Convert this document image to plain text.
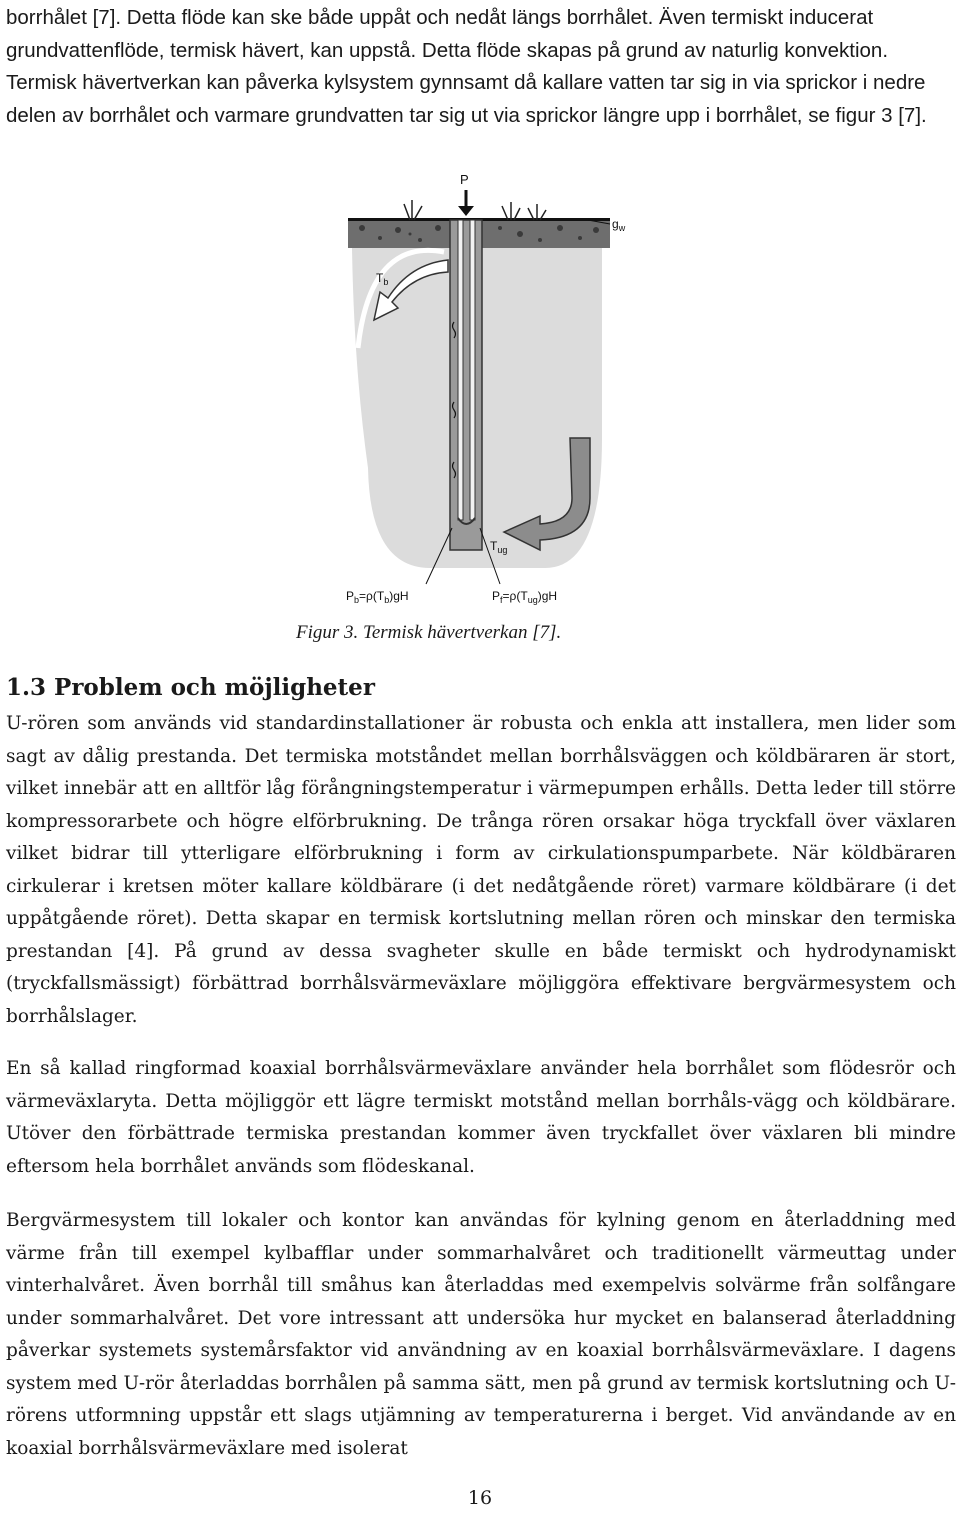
borrhålet [7]. Detta flöde kan ske både uppåt och nedåt längs borrhålet. Även termiskt inducerat grundvattenflöde, termisk hävert, kan uppstå. Detta flöde skapas på grund av naturlig konvektion. Termisk hävertverkan kan påverka kylsystem gynnsamt då kallare vatten tar sig in via sprickor i nedre delen av borrhålet och varmare grundvatten tar sig ut via sprickor längre upp i borrhålet, se figur 3 [7].

P
$g_w$
$T_b$
$T_{ug}$
$P_b=\rho(T_b)gH$	$P_f=\rho(T_{ug})gH$

Figur 3. Termisk hävertverkan [7].

1.3 Problem och möjligheter

U-rören som används vid standardinstallationer är robusta och enkla att installera, men lider som sagt av dålig prestanda. Det termiska motståndet mellan borrhålsväggen och köldbäraren är stort, vilket innebär att en alltför låg förångningstemperatur i värmepumpen erhålls. Detta leder till större kompressorarbete och högre elförbrukning. De trånga rören orsakar höga tryckfall över växlaren vilket bidrar till ytterligare elförbrukning i form av cirkulationspumparbete. När köldbäraren cirkulerar i kretsen möter kallare köldbärare (i det nedåtgående röret) varmare köldbärare (i det uppåtgående röret). Detta skapar en termisk kortslutning mellan rören och minskar den termiska prestandan [4]. På grund av dessa svagheter skulle en både termiskt och hydrodynamiskt (tryckfallsmässigt) förbättrad borrhålsvärmeväxlare möjliggöra effektivare bergvärmesystem och borrhålslager.

En så kallad ringformad koaxial borrhålsvärmeväxlare använder hela borrhålet som flödesrör och värmeväxlaryta. Detta möjliggör ett lägre termiskt motstånd mellan borrhåls-vägg och köldbärare. Utöver den förbättrade termiska prestandan kommer även tryckfallet över växlaren bli mindre eftersom hela borrhålet används som flödeskanal.

Bergvärmesystem till lokaler och kontor kan användas för kylning genom en återladdning med värme från till exempel kylbafflar under sommarhalvåret och traditionellt värmeuttag under vinterhalvåret. Även borrhål till småhus kan återladdas med exempelvis solvärme från solfångare under sommarhalvåret. Det vore intressant att undersöka hur mycket en balanserad återladdning påverkar systemets systemårsfaktor vid användning av en koaxial borrhålsvärmeväxlare. I dagens system med U-rör återladdas borrhålen på samma sätt, men på grund av termisk kortslutning och U-rörens utformning uppstår ett slags utjämning av temperaturerna i berget. Vid användande av en koaxial borrhålsvärmeväxlare med isolerat

16
